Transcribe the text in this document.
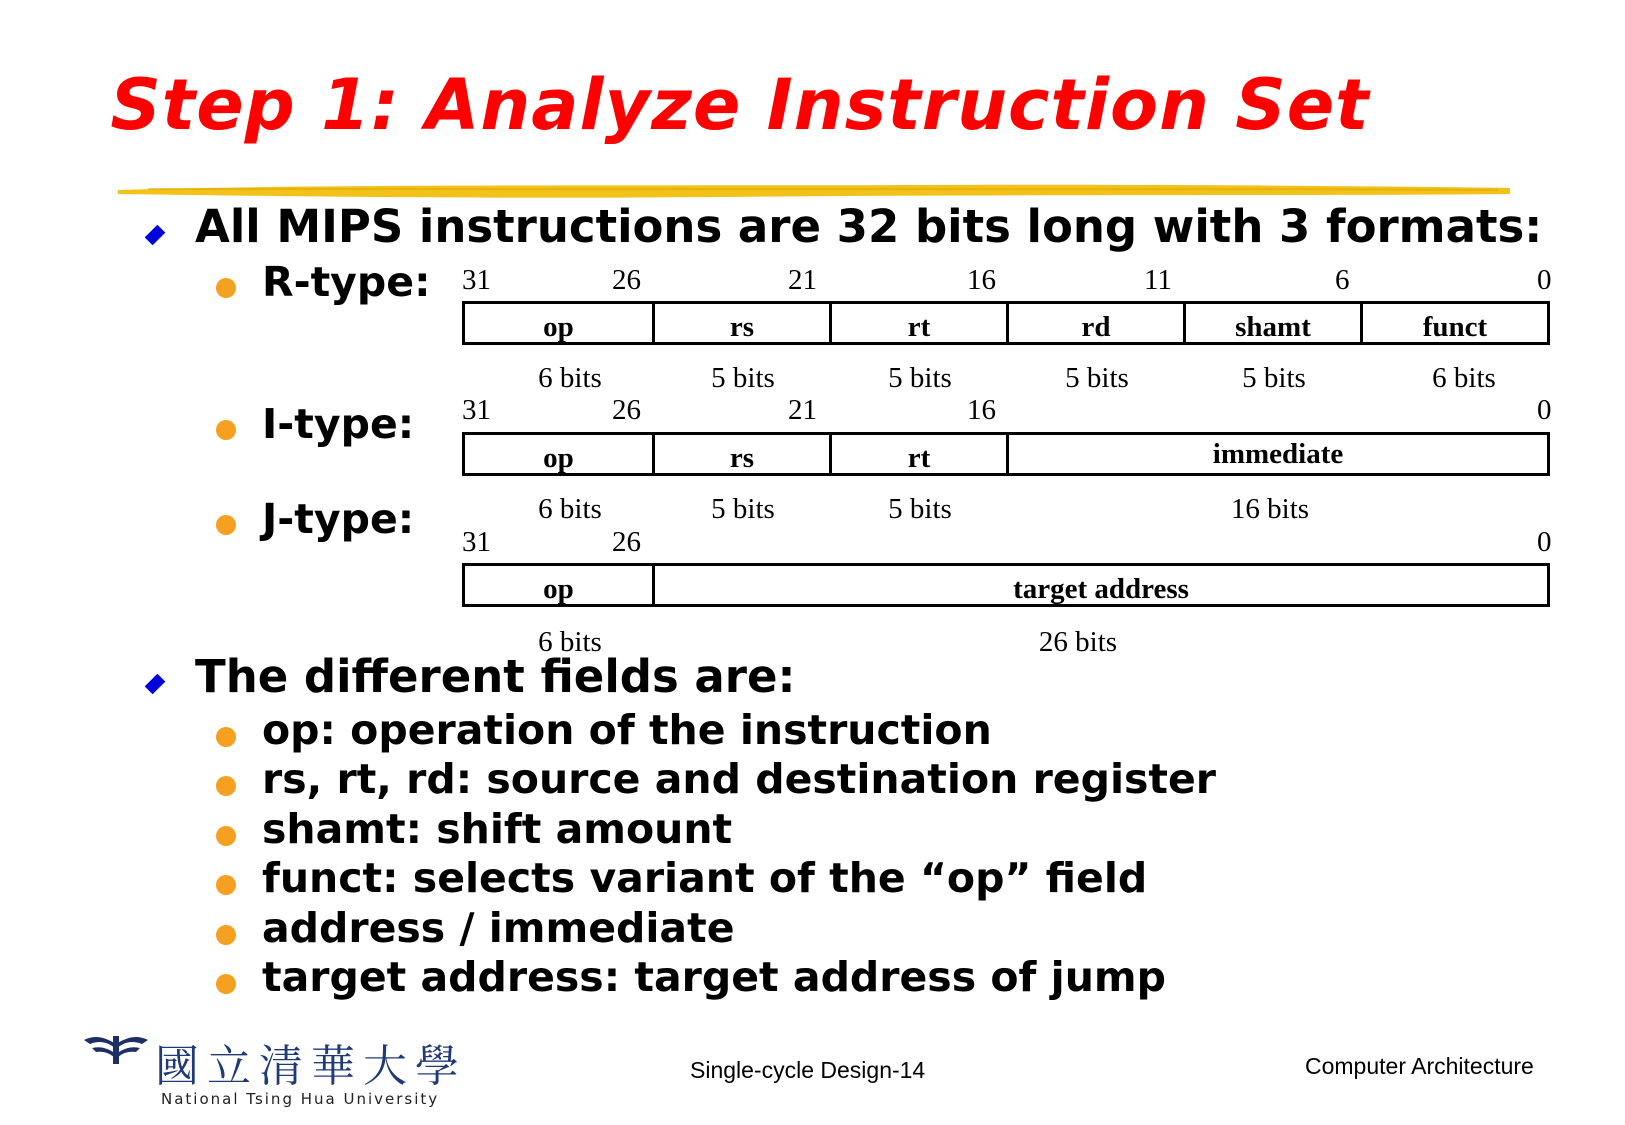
Step 1: Analyze Instruction Set
All MIPS instructions are 32 bits long with 3 formats:
R-type: 31	26	21	16	11	6	0
op	rs	rt	rd	shamt	funct
6 bits	5 bits	5 bits	5 bits	5 bits	6 bits
I-type: 31	26	21	16	0
op	rs	rt	immediate
6 bits	5 bits	5 bits	16 bits
J-type: 31	26	0
op	target address
6 bits	26 bits
The different fields are:
op: operation of the instruction
rs, rt, rd: source and destination register
shamt: shift amount
funct: selects variant of the “op” field
address / immediate
target address: target address of jump
國立清華大學
National Tsing Hua University
Single-cycle Design-14	Computer Architecture
